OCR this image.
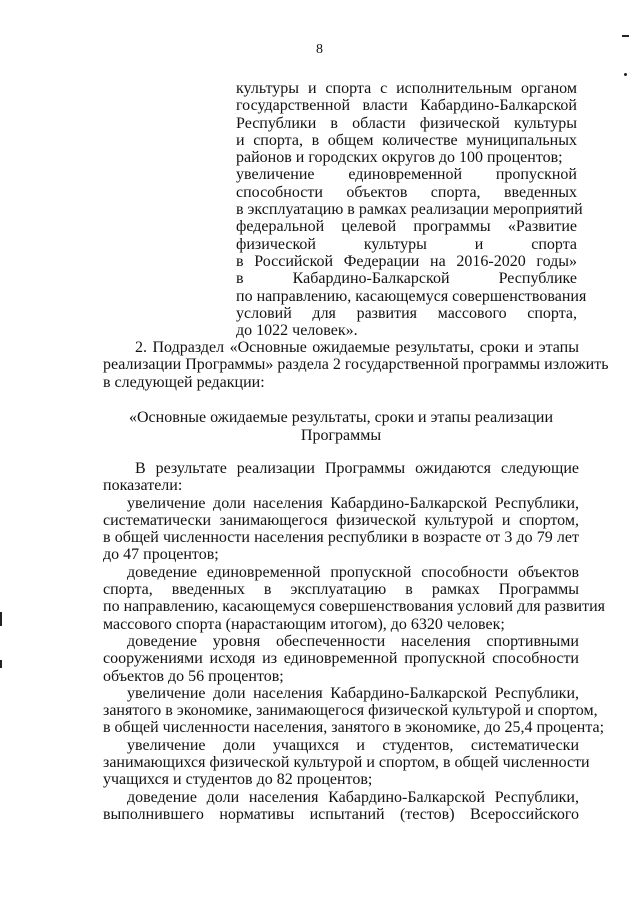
8
культуры и спорта с исполнительным органом
государственной власти Кабардино-Балкарской
Республики в области физической культуры
и спорта, в общем количестве муниципальных
районов и городских округов до 100 процентов;
увеличение единовременной пропускной
способности объектов спорта, введенных
в эксплуатацию в рамках реализации мероприятий
федеральной целевой программы «Развитие
физической культуры и спорта
в Российской Федерации на 2016-2020 годы»
в Кабардино-Балкарской Республике
по направлению, касающемуся совершенствования
условий для развития массового спорта,
до 1022 человек».
2. Подраздел «Основные ожидаемые результаты, сроки и этапы
реализации Программы» раздела 2 государственной программы изложить
в следующей редакции:
«Основные ожидаемые результаты, сроки и этапы реализации
Программы
В результате реализации Программы ожидаются следующие
показатели:
увеличение доли населения Кабардино-Балкарской Республики,
систематически занимающегося физической культурой и спортом,
в общей численности населения республики в возрасте от 3 до 79 лет
до 47 процентов;
доведение единовременной пропускной способности объектов
спорта, введенных в эксплуатацию в рамках Программы
по направлению, касающемуся совершенствования условий для развития
массового спорта (нарастающим итогом), до 6320 человек;
доведение уровня обеспеченности населения спортивными
сооружениями исходя из единовременной пропускной способности
объектов до 56 процентов;
увеличение доли населения Кабардино-Балкарской Республики,
занятого в экономике, занимающегося физической культурой и спортом,
в общей численности населения, занятого в экономике, до 25,4 процента;
увеличение доли учащихся и студентов, систематически
занимающихся физической культурой и спортом, в общей численности
учащихся и студентов до 82 процентов;
доведение доли населения Кабардино-Балкарской Республики,
выполнившего нормативы испытаний (тестов) Всероссийского
